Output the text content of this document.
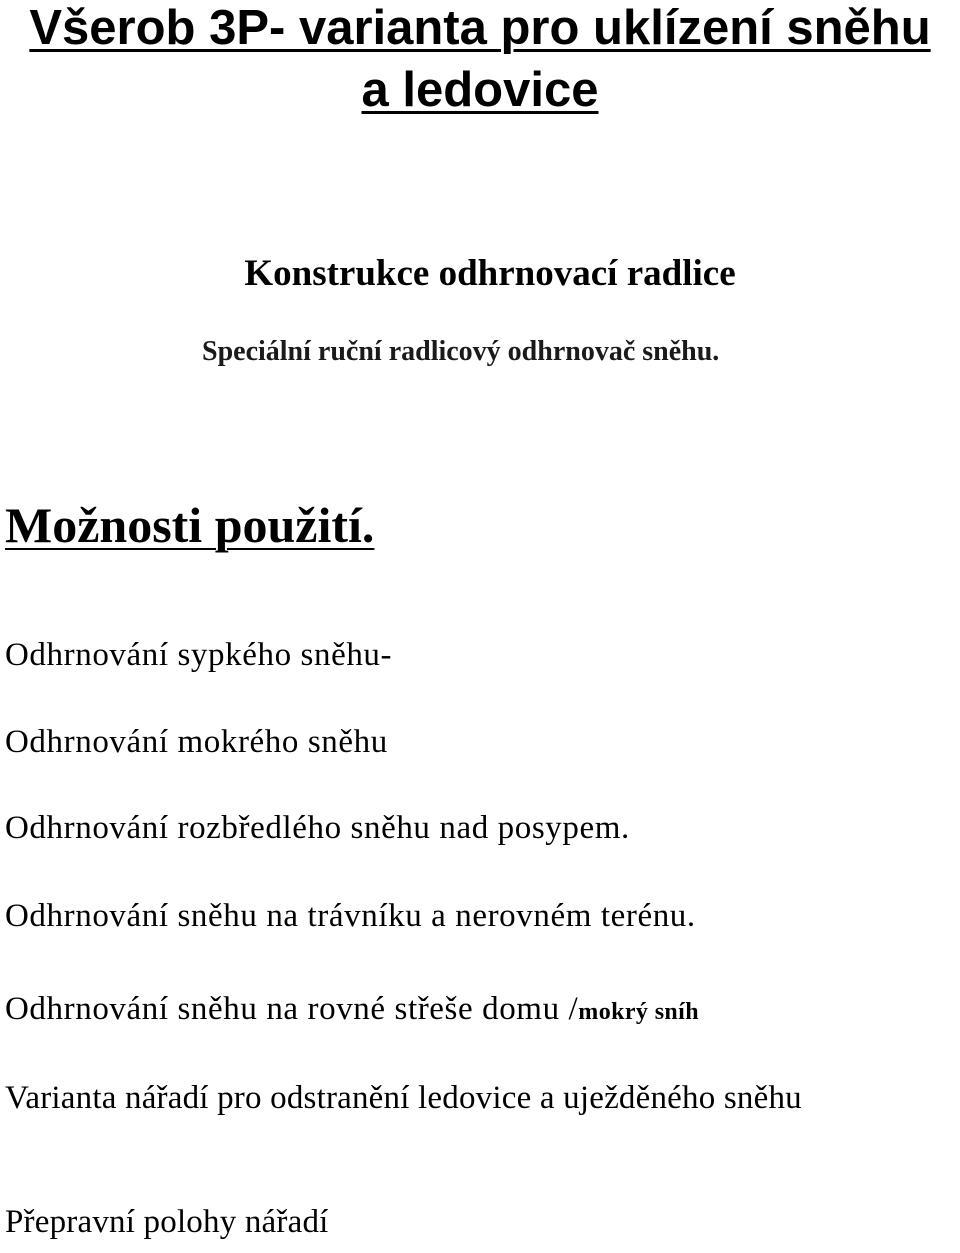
Všerob 3P- varianta pro uklízení sněhu
a ledovice

Konstrukce odhrnovací radlice

Speciální ruční radlicový odhrnovač sněhu.

Možnosti použití.

Odhrnování sypkého sněhu-

Odhrnování mokrého sněhu

Odhrnování rozbředlého sněhu nad posypem.

Odhrnování sněhu na trávníku a nerovném terénu.

Odhrnování sněhu na rovné střeše domu /mokrý sníh

Varianta nářadí pro odstranění ledovice a uježděného sněhu

Přepravní polohy nářadí
